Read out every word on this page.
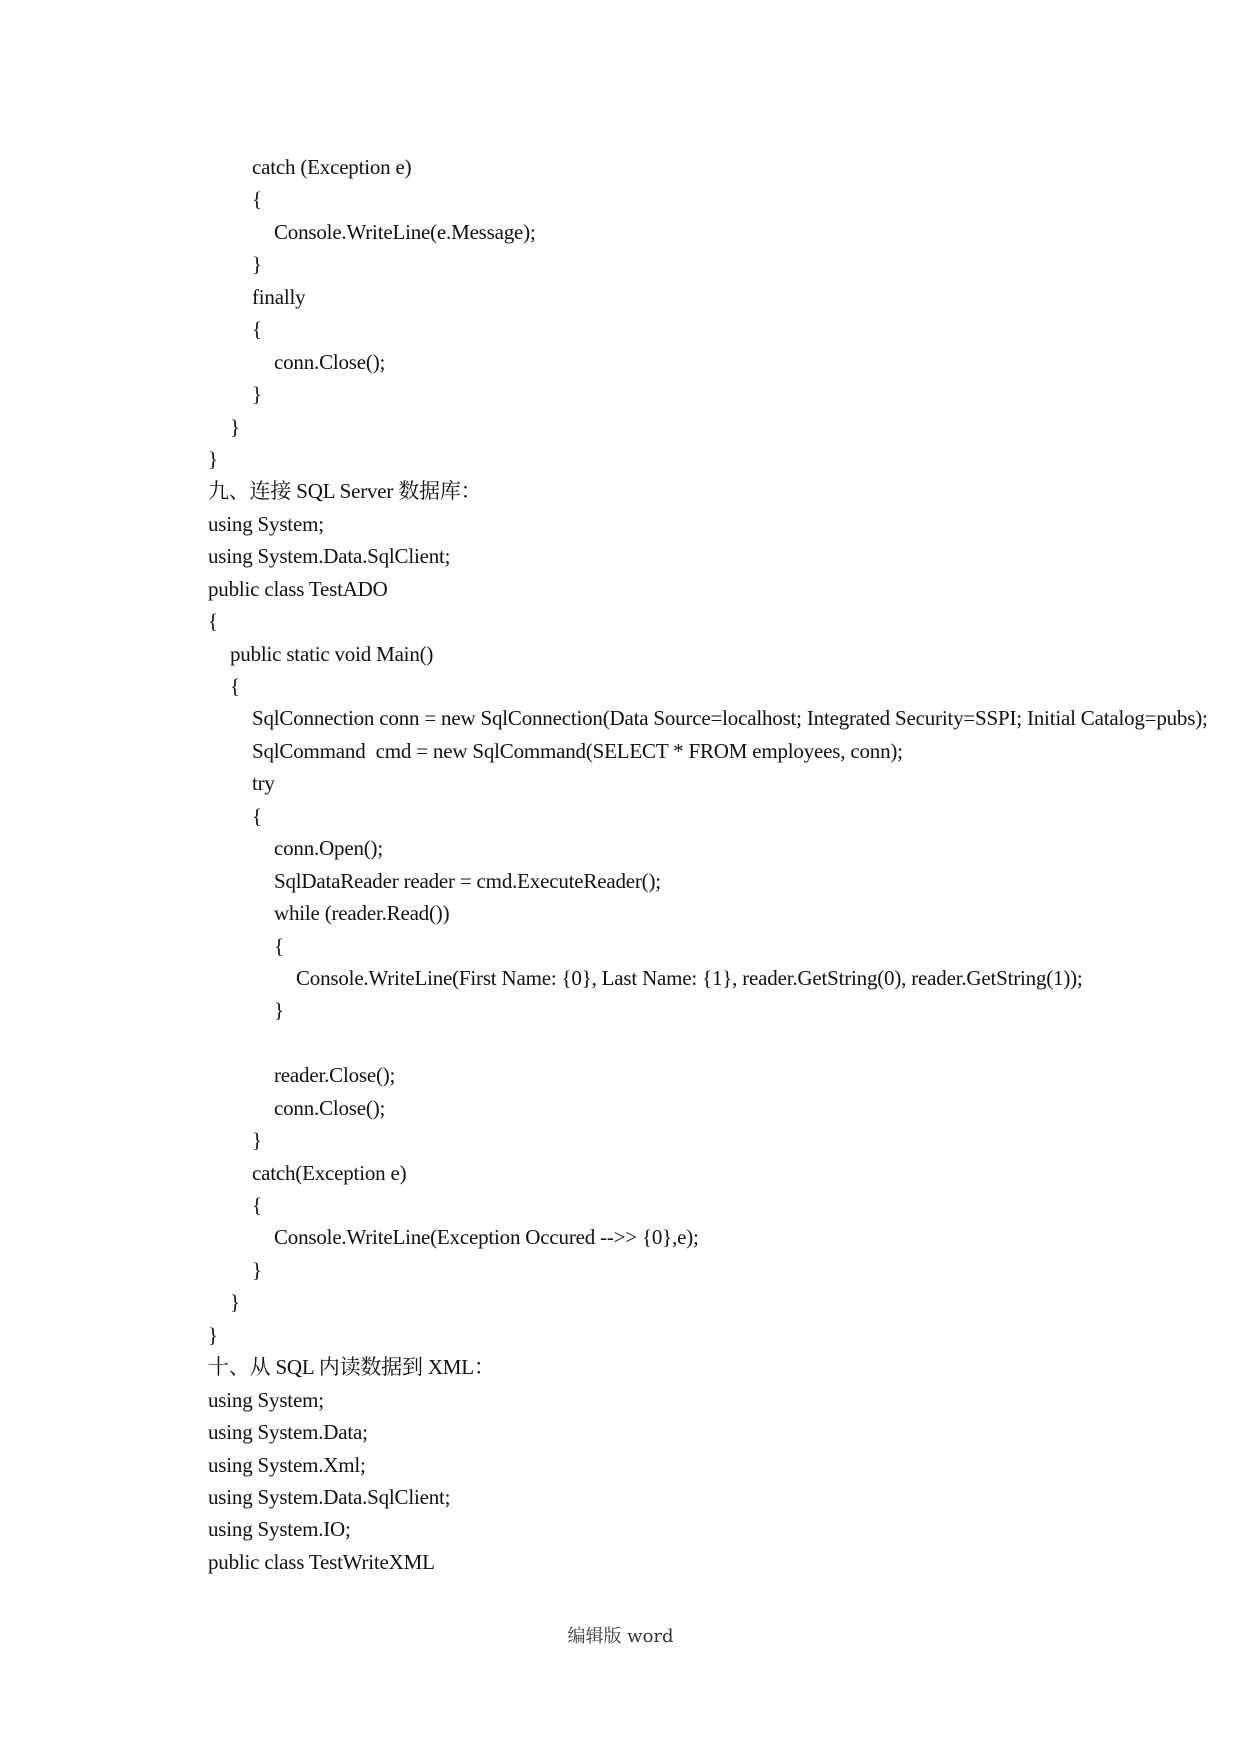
catch (Exception e)
{
Console.WriteLine(e.Message);
}
finally
{
conn.Close();
}
}
}
九、连接 SQL Server 数据库：
using System;
using System.Data.SqlClient;
public class TestADO
{
public static void Main()
{
SqlConnection conn = new SqlConnection(Data Source=localhost; Integrated Security=SSPI; Initial Catalog=pubs);
SqlCommand  cmd = new SqlCommand(SELECT * FROM employees, conn);
try
{
conn.Open();
SqlDataReader reader = cmd.ExecuteReader();
while (reader.Read())
{
Console.WriteLine(First Name: {0}, Last Name: {1}, reader.GetString(0), reader.GetString(1));
}
reader.Close();
conn.Close();
}
catch(Exception e)
{
Console.WriteLine(Exception Occured -->> {0},e);
}
}
}
十、从 SQL 内读数据到 XML：
using System;
using System.Data;
using System.Xml;
using System.Data.SqlClient;
using System.IO;
public class TestWriteXML
编辑版 word
